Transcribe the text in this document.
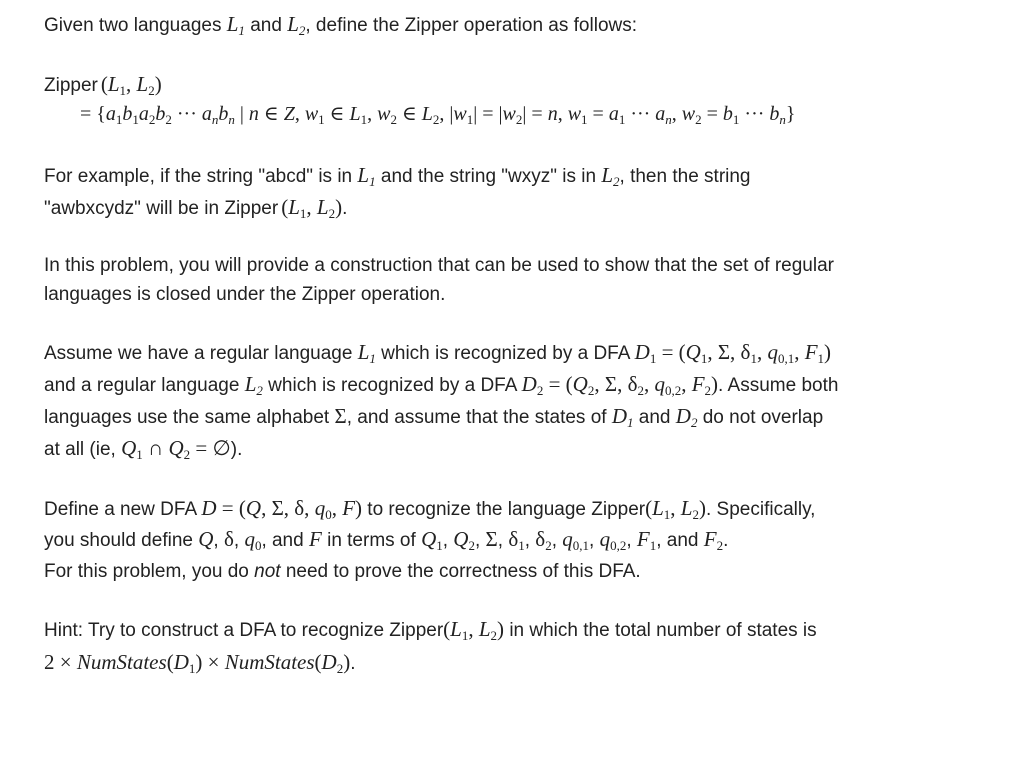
Given two languages $L_1$ and $L_2$, define the Zipper operation as follows:
Zipper ($L_1$, $L_2$)
= {$a_1b_1a_2b_2$ ··· $a_nb_n$ | n ∈ Z, $w_1$ ∈ $L_1$, $w_2$ ∈ $L_2$, $|w_1| = |w_2| = n$, $w_1 = a_1$ ··· $a_n$, $w_2 = b_1$ ··· $b_n$}
For example, if the string "abcd" is in $L_1$ and the string "wxyz" is in $L_2$, then the string
"awbxcydz" will be in Zipper ($L_1$, $L_2$).
In this problem, you will provide a construction that can be used to show that the set of regular
languages is closed under the Zipper operation.
Assume we have a regular language $L_1$ which is recognized by a DFA $D_1 = (Q_1$, Σ, $\delta_1$, $q_{0,1}$, $F_1$)
and a regular language $L_2$ which is recognized by a DFA $D_2 = (Q_2$, Σ, $\delta_2$, $q_{0,2}$, $F_2$). Assume both
languages use the same alphabet Σ, and assume that the states of $D_1$ and $D_2$ do not overlap
at all (ie, $Q_1$ ∩ $Q_2$ = ∅).
Define a new DFA D = (Q, Σ, δ, $q_0$, F) to recognize the language $Zipper(L_1$, $L_2$). Specifically,
you should define Q, δ, $q_0$, and F in terms of $Q_1$, $Q_2$, Σ, $\delta_1$, $\delta_2$, $q_{0,1}$, $q_{0,2}$, $F_1$, and $F_2$.
For this problem, you do not need to prove the correctness of this DFA.
Hint: Try to construct a DFA to recognize $Zipper(L_1$, $L_2$) in which the total number of states is
$2 \times NumStates(D_1)$ × $NumStates(D_2)$.
